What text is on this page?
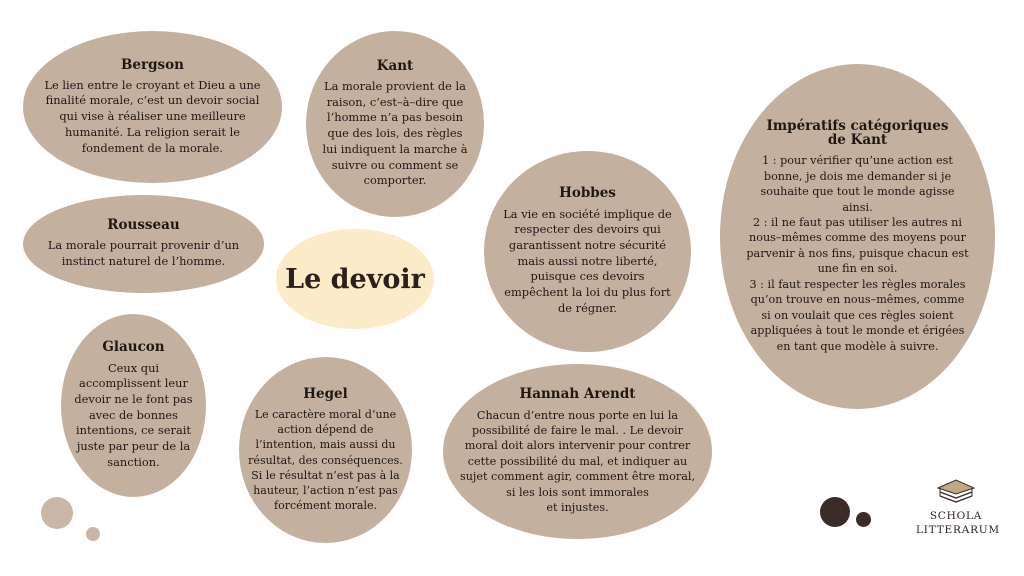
Bergson

Le lien entre le croyant et Dieu a une
finalité morale, c’est un devoir social
qui vise à réaliser une meilleure
humanité. La religion serait le
fondement de la morale.

Kant

La morale provient de la
raison, c’est–à–dire que
l’homme n’a pas besoin
que des lois, des règles
lui indiquent la marche à
suivre ou comment se
comporter.

Rousseau

La morale pourrait provenir d’un
instinct naturel de l’homme.

Le devoir
Hobbes

La vie en société implique de
respecter des devoirs qui
garantissent notre sécurité
mais aussi notre liberté,
puisque ces devoirs
empêchent la loi du plus fort
de régner.

Impératifs catégoriques
de Kant

1 : pour vérifier qu’une action est
bonne, je dois me demander si je
souhaite que tout le monde agisse
ainsi.
2 : il ne faut pas utiliser les autres ni
nous–mêmes comme des moyens pour
parvenir à nos fins, puisque chacun est
une fin en soi.
3 : il faut respecter les règles morales
qu’on trouve en nous–mêmes, comme
si on voulait que ces règles soient
appliquées à tout le monde et érigées
en tant que modèle à suivre.

Glaucon

Ceux qui
accomplissent leur
devoir ne le font pas
avec de bonnes
intentions, ce serait
juste par peur de la
sanction.

Hegel

Le caractère moral d’une
action dépend de
l’intention, mais aussi du
résultat, des conséquences.
Si le résultat n’est pas à la
hauteur, l’action n’est pas
forcément morale.

Hannah Arendt

Chacun d’entre nous porte en lui la
possibilité de faire le mal. . Le devoir
moral doit alors intervenir pour contrer
cette possibilité du mal, et indiquer au
sujet comment agir, comment être moral,
si les lois sont immorales
et injustes.

SCHOLA
LITTERARUM
